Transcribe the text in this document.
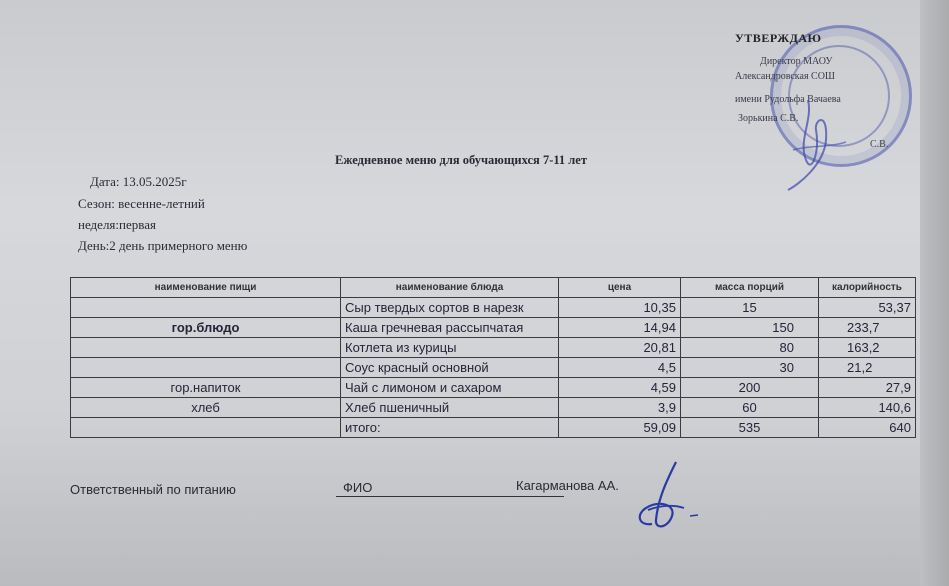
УТВЕРЖДАЮ
Директор МАОУ
Александровская СОШ
имени Рудольфа Вачаева
Зорькина С.В.
С.В.
Ежедневное меню для обучающихся 7-11 лет
Дата: 13.05.2025г
Сезон: весенне-летний
неделя:первая
День:2 день примерного меню
наименование пищи	наименование блюда	цена	масса порций	калорийность
	Сыр твердых сортов в нарезк	10,35	15	53,37
гор.блюдо	Каша гречневая рассыпчатая	14,94	150	233,7
	Котлета из курицы	20,81	80	163,2
	Соус красный основной	4,5	30	21,2
гор.напиток	Чай с лимоном и сахаром	4,59	200	27,9
хлеб	Хлеб пшеничный	3,9	60	140,6
	итого:	59,09	535	640
Ответственный по питанию	ФИО	Кагарманова АА.
